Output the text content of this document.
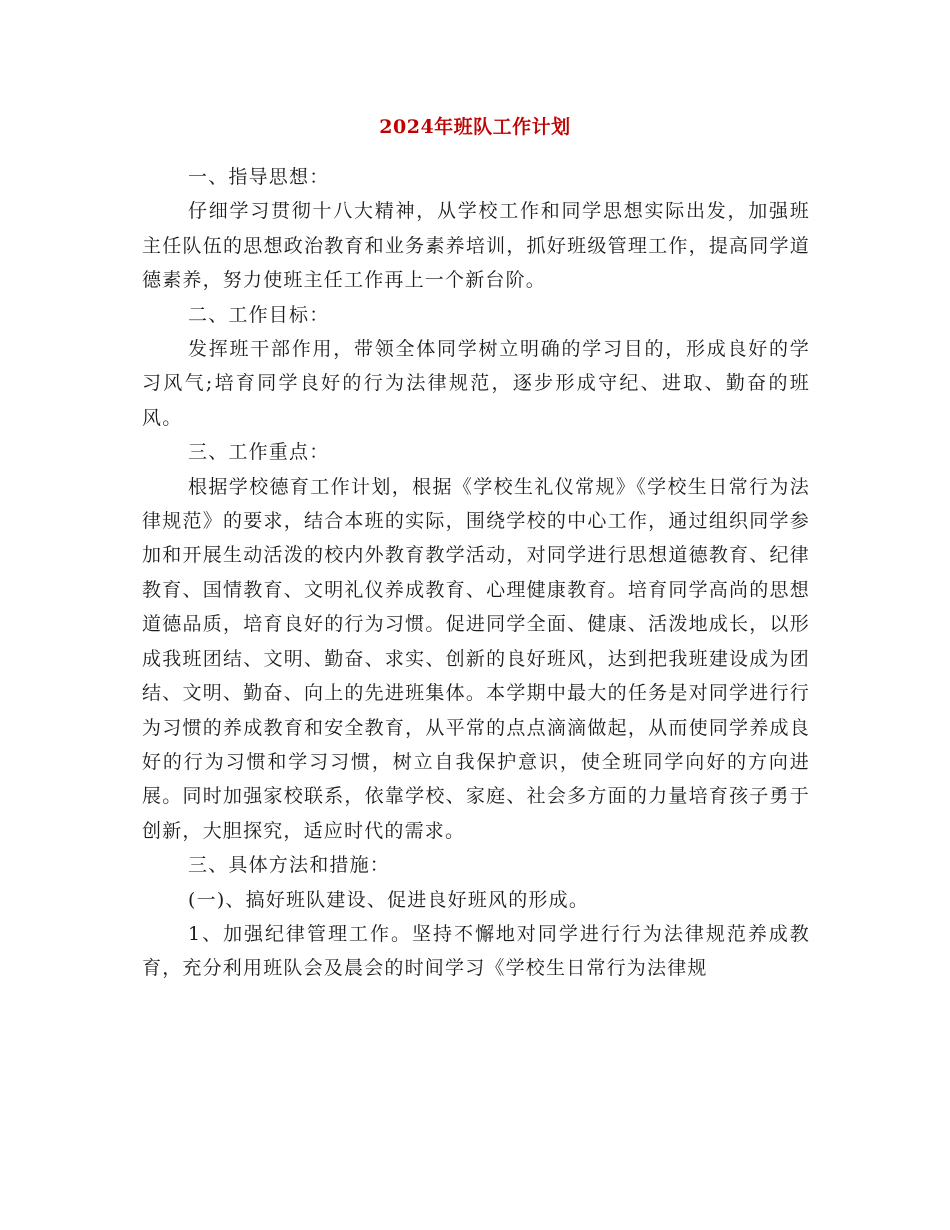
2024年班队工作计划

一、指导思想：

仔细学习贯彻十八大精神，从学校工作和同学思想实际出发，加强班主任队伍的思想政治教育和业务素养培训，抓好班级管理工作，提高同学道德素养，努力使班主任工作再上一个新台阶。

二、工作目标：

发挥班干部作用，带领全体同学树立明确的学习目的，形成良好的学习风气;培育同学良好的行为法律规范，逐步形成守纪、进取、勤奋的班风。

三、工作重点：

根据学校德育工作计划，根据《学校生礼仪常规》《学校生日常行为法律规范》的要求，结合本班的实际，围绕学校的中心工作，通过组织同学参加和开展生动活泼的校内外教育教学活动，对同学进行思想道德教育、纪律教育、国情教育、文明礼仪养成教育、心理健康教育。培育同学高尚的思想道德品质，培育良好的行为习惯。促进同学全面、健康、活泼地成长，以形成我班团结、文明、勤奋、求实、创新的良好班风，达到把我班建设成为团结、文明、勤奋、向上的先进班集体。本学期中最大的任务是对同学进行行为习惯的养成教育和安全教育，从平常的点点滴滴做起，从而使同学养成良好的行为习惯和学习习惯，树立自我保护意识，使全班同学向好的方向进展。同时加强家校联系，依靠学校、家庭、社会多方面的力量培育孩子勇于创新，大胆探究，适应时代的需求。

三、具体方法和措施：

(一)、搞好班队建设、促进良好班风的形成。

1、加强纪律管理工作。坚持不懈地对同学进行行为法律规范养成教育，充分利用班队会及晨会的时间学习《学校生日常行为法律规
